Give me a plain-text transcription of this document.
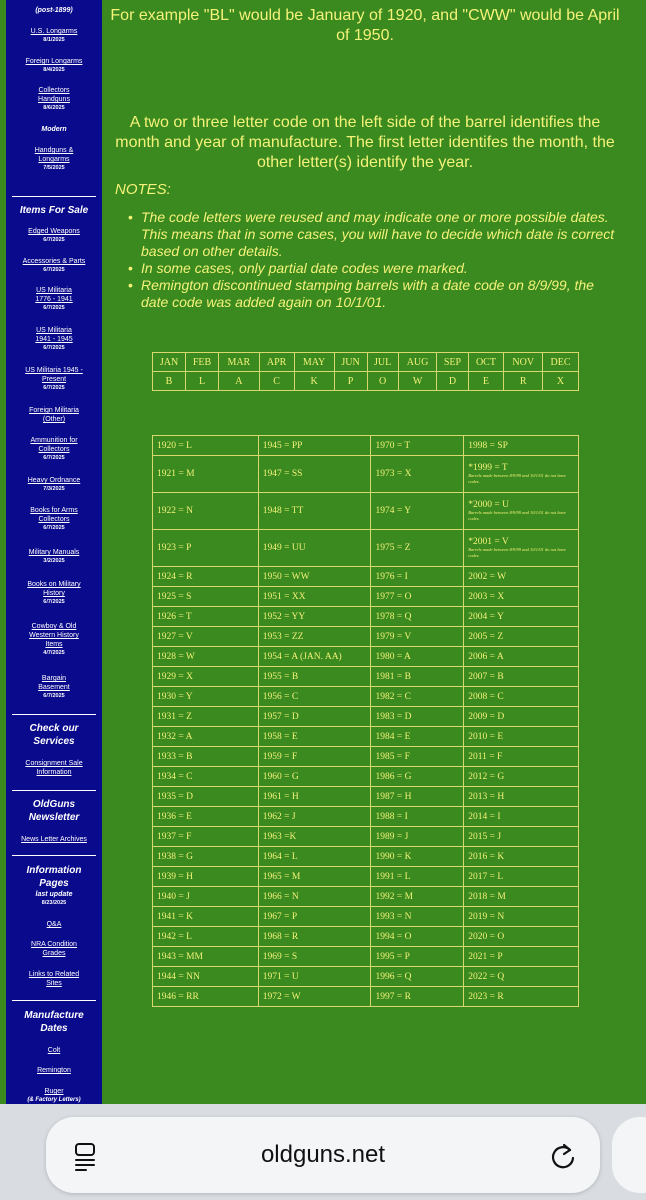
(post-1899)
U.S. Longarms
8/1/2025
Foreign Longarms
8/4/2025
Collectors Handguns
8/6/2025
Modern
Handguns & Longarms
7/5/2025
Items For Sale
Edged Weapons
6/7/2025
Accessories & Parts
6/7/2025
US Militaria 1776 - 1941
6/7/2025
US Militaria 1941 - 1945
6/7/2025
US Militaria 1945 - Present
6/7/2025
Foreign Militaria (Other)
Ammunition for Collectors
6/7/2025
Heavy Ordnance
7/3/2025
Books for Arms Collectors
6/7/2025
Military Manuals
3/2/2025
Books on Military History
6/7/2025
Cowboy & Old Western History Items
4/7/2025
Bargain Basement
6/7/2025
Check our Services
Consignment Sale Information
OldGuns Newsletter
News Letter Archives
Information Pages
last update
8/23/2025
Q&A
NRA Condition Grades
Links to Related Sites
Manufacture Dates
Colt
Remington
Ruger
(& Factory Letters)
For example "BL" would be January of 1920, and "CWW" would be April of 1950.
A two or three letter code on the left side of the barrel identifies the month and year of manufacture. The first letter identifes the month, the other letter(s) identify the year.
NOTES:
• The code letters were reused and may indicate one or more possible dates. This means that in some cases, you will have to decide which date is correct based on other details.
• In some cases, only partial date codes were marked.
• Remington discontinued stamping barrels with a date code on 8/9/99, the date code was added again on 10/1/01.
JAN	FEB	MAR	APR	MAY	JUN	JUL	AUG	SEP	OCT	NOV	DEC
B	L	A	C	K	P	O	W	D	E	R	X
1920 = L	1945 = PP	1970 = T	1998 = SP
1921 = M	1947 = SS	1973 = X	*1999 = T
Barrels made between 8/9/99 and 10/1/01 do not have codes.

1922 = N	1948 = TT	1974 = Y	*2000 = U
Barrels made between 8/9/99 and 10/1/01 do not have codes.

1923 = P	1949 = UU	1975 = Z	*2001 = V
Barrels made between 8/9/99 and 10/1/01 do not have codes.

1924 = R	1950 = WW	1976 = I	2002 = W
1925 = S	1951 = XX	1977 = O	2003 = X
1926 = T	1952 = YY	1978 = Q	2004 = Y
1927 = V	1953 = ZZ	1979 = V	2005 = Z
1928 = W	1954 = A (JAN. AA)	1980 = A	2006 = A
1929 = X	1955 = B	1981 = B	2007 = B
1930 = Y	1956 = C	1982 = C	2008 = C
1931 = Z	1957 = D	1983 = D	2009 = D
1932 = A	1958 = E	1984 = E	2010 = E
1933 = B	1959 = F	1985 = F	2011 = F
1934 = C	1960 = G	1986 = G	2012 = G
1935 = D	1961 = H	1987 = H	2013 = H
1936 = E	1962 = J	1988 = I	2014 = I
1937 = F	1963 =K	1989 = J	2015 = J
1938 = G	1964 = L	1990 = K	2016 = K
1939 = H	1965 = M	1991 = L	2017 = L
1940 = J	1966 = N	1992 = M	2018 = M
1941 = K	1967 = P	1993 = N	2019 = N
1942 = L	1968 = R	1994 = O	2020 = O
1943 = MM	1969 = S	1995 = P	2021 = P
1944 = NN	1971 = U	1996 = Q	2022 = Q
1946 = RR	1972 = W	1997 = R	2023 = R
oldguns.net
